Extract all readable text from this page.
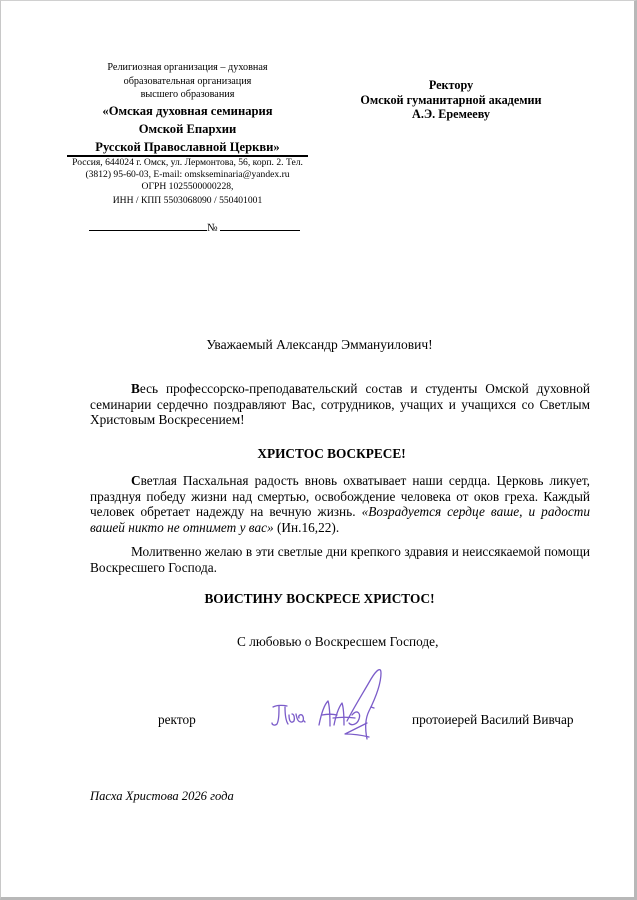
Религиозная организация – духовная
образовательная организация
высшего образования
«Омская духовная семинария
Омской Епархии
Русской Православной Церкви»
Россия, 644024 г. Омск, ул. Лермонтова, 56, корп. 2. Тел.
(3812) 95-60-03, E-mail: omskseminaria@yandex.ru
ОГРН 1025500000228,
ИНН / КПП 5503068090 / 550401001
№
Ректору
Омской гуманитарной академии
А.Э. Еремееву
Уважаемый Александр Эммануилович!
Весь профессорско-преподавательский состав и студенты Омской духовной семинарии сердечно поздравляют Вас, сотрудников, учащих и учащихся со Светлым Христовым Воскресением!
ХРИСТОС ВОСКРЕСЕ!
Светлая Пасхальная радость вновь охватывает наши сердца. Церковь ликует, празднуя победу жизни над смертью, освобождение человека от оков греха. Каждый человек обретает надежду на вечную жизнь. «Возрадуется сердце ваше, и радости вашей никто не отнимет у вас» (Ин.16,22).
Молитвенно желаю в эти светлые дни крепкого здравия и неиссякаемой помощи Воскресшего Господа.
ВОИСТИНУ ВОСКРЕСЕ ХРИСТОС!
С любовью о Воскресшем Господе,
ректор	протоиерей Василий Вивчар
Пасха Христова 2026 года
